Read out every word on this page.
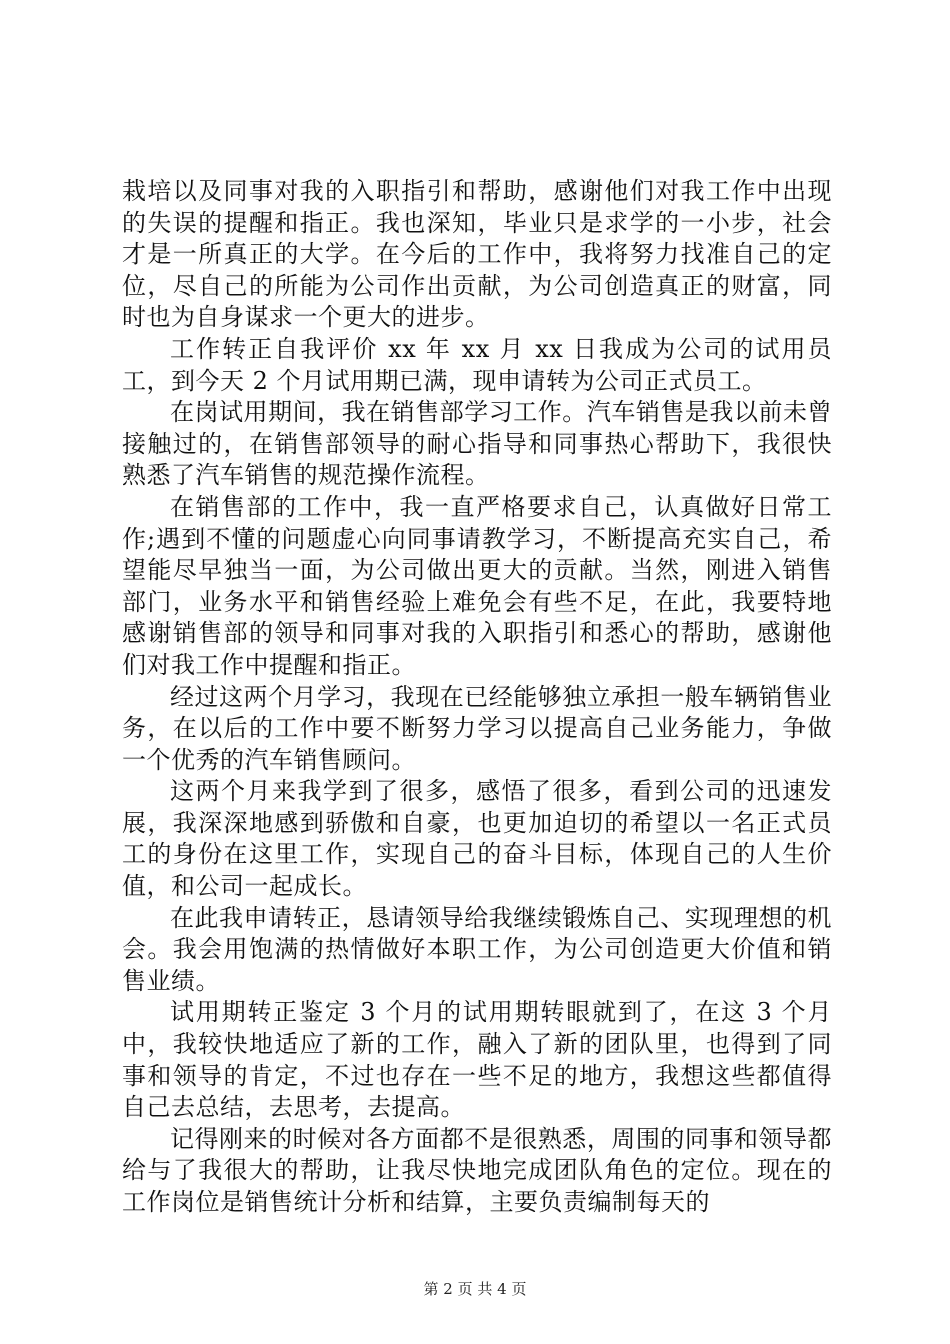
栽培以及同事对我的入职指引和帮助，感谢他们对我工作中出现的失误的提醒和指正。我也深知，毕业只是求学的一小步，社会才是一所真正的大学。在今后的工作中，我将努力找准自己的定位，尽自己的所能为公司作出贡献，为公司创造真正的财富，同时也为自身谋求一个更大的进步。

工作转正自我评价 xx 年 xx 月 xx 日我成为公司的试用员工，到今天 2 个月试用期已满，现申请转为公司正式员工。

在岗试用期间，我在销售部学习工作。汽车销售是我以前未曾接触过的，在销售部领导的耐心指导和同事热心帮助下，我很快熟悉了汽车销售的规范操作流程。

在销售部的工作中，我一直严格要求自己，认真做好日常工作;遇到不懂的问题虚心向同事请教学习，不断提高充实自己，希望能尽早独当一面，为公司做出更大的贡献。当然，刚进入销售部门，业务水平和销售经验上难免会有些不足，在此，我要特地感谢销售部的领导和同事对我的入职指引和悉心的帮助，感谢他们对我工作中提醒和指正。

经过这两个月学习，我现在已经能够独立承担一般车辆销售业务，在以后的工作中要不断努力学习以提高自己业务能力，争做一个优秀的汽车销售顾问。

这两个月来我学到了很多，感悟了很多，看到公司的迅速发展，我深深地感到骄傲和自豪，也更加迫切的希望以一名正式员工的身份在这里工作，实现自己的奋斗目标，体现自己的人生价值，和公司一起成长。

在此我申请转正，恳请领导给我继续锻炼自己、实现理想的机会。我会用饱满的热情做好本职工作，为公司创造更大价值和销售业绩。

试用期转正鉴定 3 个月的试用期转眼就到了，在这 3 个月中，我较快地适应了新的工作，融入了新的团队里，也得到了同事和领导的肯定，不过也存在一些不足的地方，我想这些都值得自己去总结，去思考，去提高。

记得刚来的时候对各方面都不是很熟悉，周围的同事和领导都给与了我很大的帮助，让我尽快地完成团队角色的定位。现在的工作岗位是销售统计分析和结算，主要负责编制每天的

第 2 页 共 4 页
